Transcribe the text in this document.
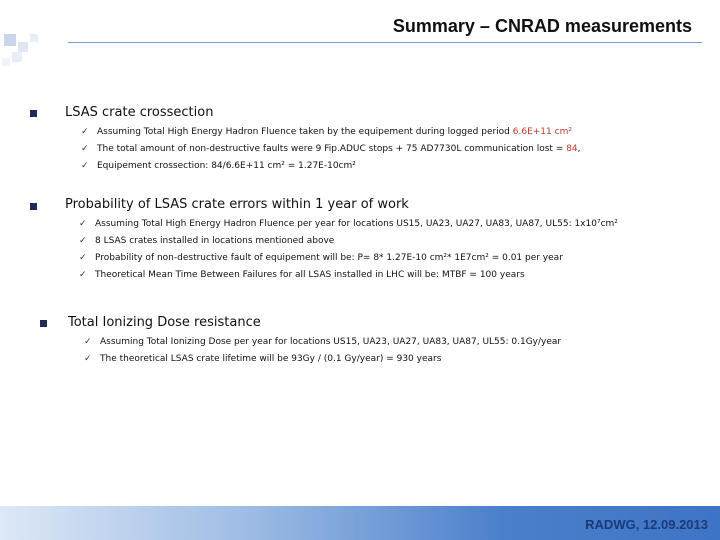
Summary – CNRAD measurements
LSAS crate crossection
✓ Assuming Total High Energy Hadron Fluence taken by the equipement during logged period 6.6E+11 cm²
✓ The total amount of non-destructive faults were 9 Fip.ADUC stops + 75 AD7730L communication lost = 84,
✓ Equipement crossection: 84/6.6E+11 cm² = 1.27E-10cm²
Probability of LSAS crate errors within 1 year of work
✓ Assuming Total High Energy Hadron Fluence per year for locations US15, UA23, UA27, UA83, UA87, UL55: 1x10⁷cm²
✓ 8 LSAS crates installed in locations mentioned above
✓ Probability of non-destructive fault of equipement will be: P= 8* 1.27E-10 cm²* 1E7cm² = 0.01 per year
✓ Theoretical Mean Time Between Failures for all LSAS installed in LHC will be: MTBF = 100 years
Total Ionizing Dose resistance
✓ Assuming Total Ionizing Dose per year for locations US15, UA23, UA27, UA83, UA87, UL55: 0.1Gy/year
✓ The theoretical LSAS crate lifetime will be 93Gy / (0.1 Gy/year) = 930 years
RADWG, 12.09.2013
